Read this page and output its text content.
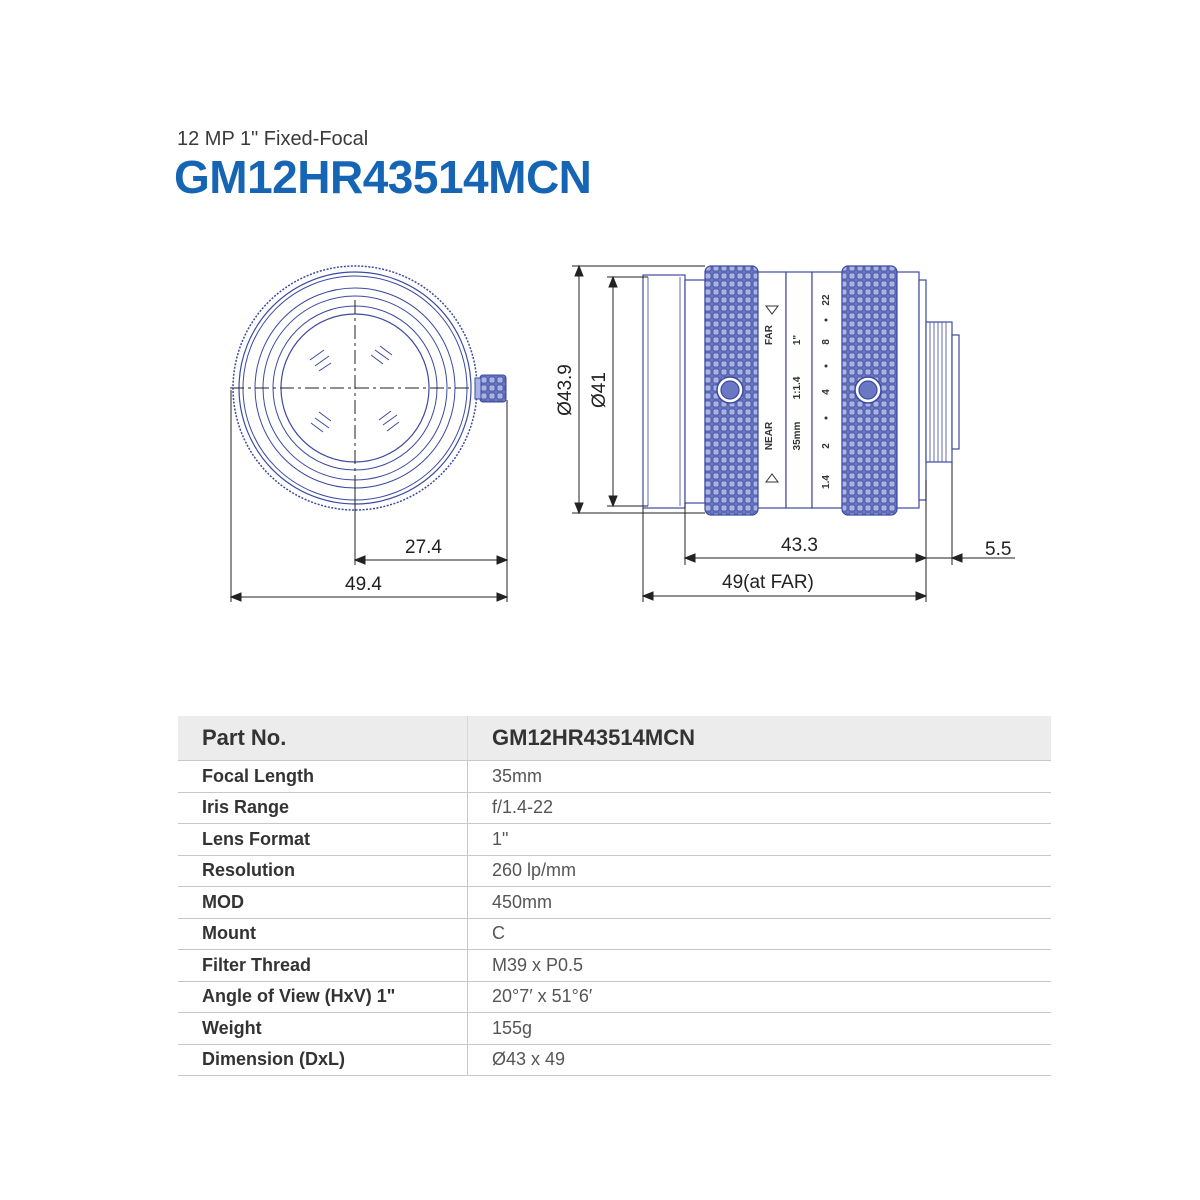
12 MP 1" Fixed-Focal
GM12HR43514MCN
27.4
49.4
FAR
NEAR
1"
1:1.4
35mm
22
8
4
2
1.4
Ø43.9 Ø41
43.3	5.5
49(at FAR)
Part No.	GM12HR43514MCN
Focal Length	35mm
Iris Range	f/1.4-22
Lens Format	1"
Resolution	260 lp/mm
MOD	450mm
Mount	C
Filter Thread	M39 x P0.5
Angle of View (HxV) 1"	20°7′ x 51°6′
Weight	155g
Dimension (DxL)	Ø43 x 49
